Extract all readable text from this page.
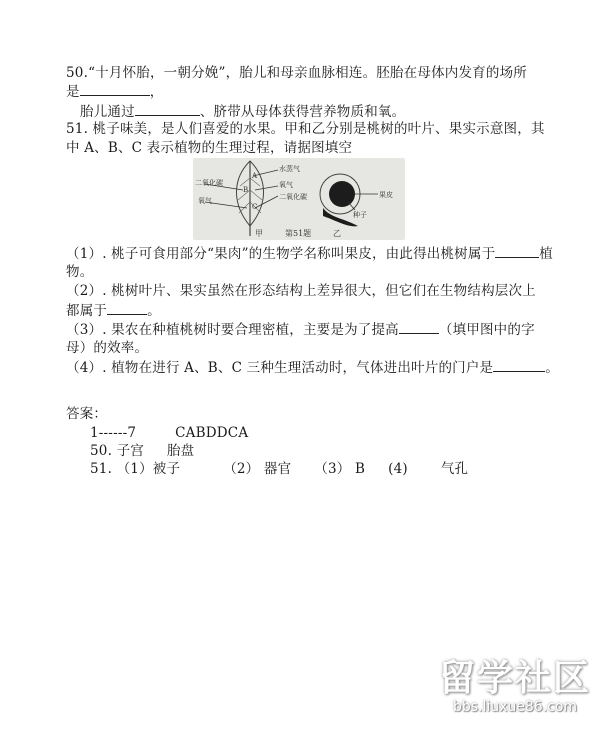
50.“十月怀胎，一朝分娩”，胎儿和母亲血脉相连。胚胎在母体内发育的场所
是	，
胎儿通过	、脐带从母体获得营养物质和氧。
51. 桃子味美，是人们喜爱的水果。甲和乙分别是桃树的叶片、果实示意图，其
中 A、B、C 表示植物的生理过程，请据图填空
二氧化碳
氧气
水蒸气
氧气
二氧化碳
A
B
C
果皮
种子
甲	第51题	乙
（1）. 桃子可食用部分“果肉”的生物学名称叫果皮，由此得出桃树属于	植
物。
（2）. 桃树叶片、果实虽然在形态结构上差异很大，但它们在生物结构层次上
都属于	。
（3）. 果农在种植桃树时要合理密植，主要是为了提高	（填甲图中的字
母）的效率。
（4）. 植物在进行 A、B、C 三种生理活动时，气体进出叶片的门户是	。
答案：
1------7	CABDDCA
50. 子宫 胎盘
51. （1）被子	（2） 器官 （3） B (4) 气孔
留学社区
bbs.liuxue86.com
